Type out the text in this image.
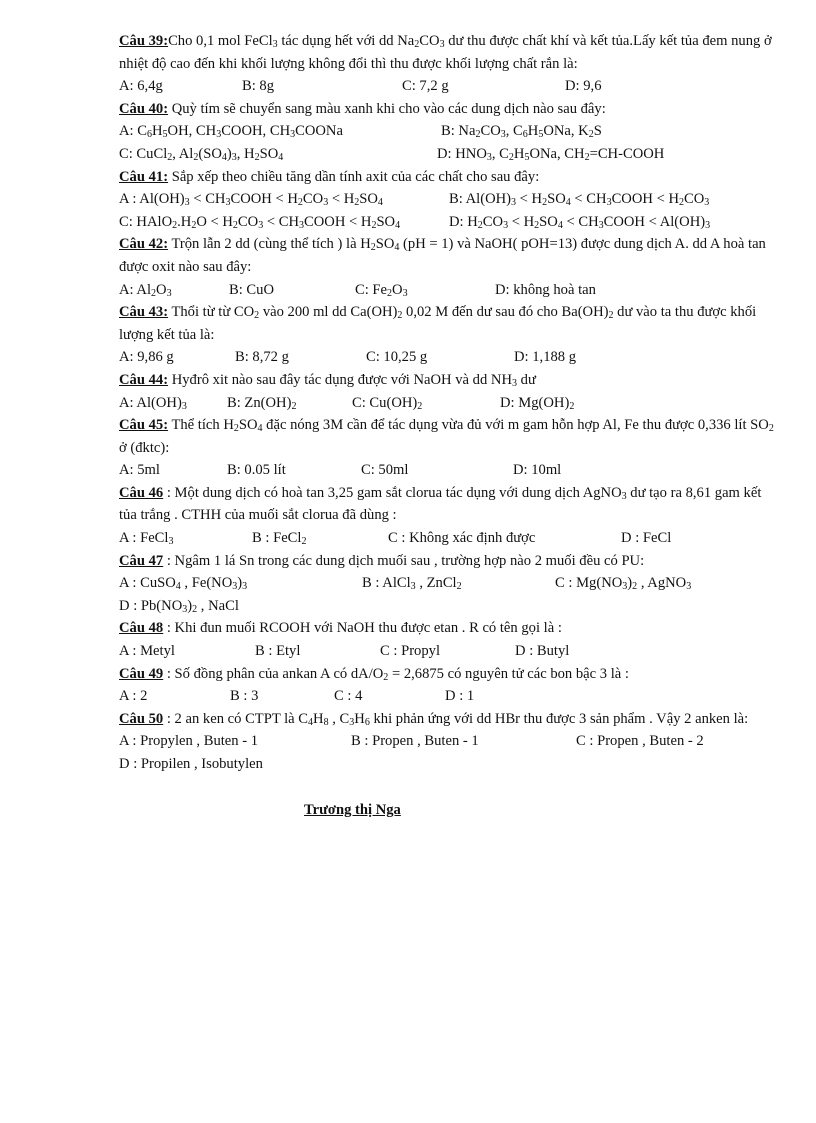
Câu 39:Cho 0,1 mol FeCl$_3$ tác dụng hết với dd $Na_2CO_3$ dư thu được chất khí và kết tủa.Lấy kết tủa đem nung ở nhiệt độ cao đến khi khối lượng không đổi thì thu được khối lượng chất rắn là:
A: 6,4g	B: 8g	C: 7,2 g	D: 9,6
Câu 40: Quỳ tím sẽ chuyển sang màu xanh khi cho vào các dung dịch nào sau đây:
A: $C_6H_5OH$, $CH_3COOH$, $CH_3COONa$	B: $Na_2CO_3$, $C_6H_5ONa$, $K_2S$
C: CuCl$_2$, $Al_2(SO_4)_3$, $H_2SO_4$	D: $HNO_3$, $C_2H_5ONa$, $CH_2=CH$-COOH
Câu 41: Sắp xếp theo chiều tăng dần tính axit của các chất cho sau đây:
A : $Al(OH)_3$ < $CH_3COOH < H_2CO_3 < H_2SO_4$	B: $Al(OH)_3 < H_2SO_4$ < $CH_3COOH < H_2CO_3$
C: $HAlO_2.H_2O < H_2CO_3$ < $CH_3COOH < H_2SO_4$	D: $H_2CO_3 < H_2SO_4$ < $CH_3COOH < Al(OH)_3$
Câu 42: Trộn lẫn 2 dd (cùng thể tích ) là $H_2SO_4$ (pH = 1) và NaOH( pOH=13) được dung dịch A. dd A hoà tan được oxit nào sau đây:
A: $Al_2O_3$	B: CuO	C: $Fe_2O_3$	D: không hoà tan
Câu 43: Thổi từ từ $CO_2$ vào 200 ml dd $Ca(OH)_2$ 0,02 M đến dư sau đó cho $Ba(OH)_2$ dư vào ta thu được khối lượng kết tủa là:
A: 9,86 g	B: 8,72 g	C: 10,25 g	D: 1,188 g
Câu 44: Hyđrô xit nào sau đây tác dụng được với NaOH và dd $NH_3$ dư
A: $Al(OH)_3$	B: $Zn(OH)_2$	C: $Cu(OH)_2$	D: $Mg(OH)_2$
Câu 45: Thể tích $H_2SO_4$ đặc nóng 3M cần để tác dụng vừa đủ với m gam hỗn hợp Al, Fe thu được 0,336 lít $SO_2$ ở (đktc):
A: 5ml	B: 0.05 lít	C: 50ml	D: 10ml
Câu 46 : Một dung dịch có hoà tan 3,25 gam sắt clorua tác dụng với dung dịch AgNO$_3$ dư tạo ra 8,61 gam kết tủa trắng . CTHH của muối sắt clorua đã dùng :
A : FeCl$_3$	B : FeCl$_2$	C : Không xác định được	D : FeCl
Câu 47 : Ngâm 1 lá Sn trong các dung dịch muối sau , trường hợp nào 2 muối đều có PU:
A : CuSO$_4$ , $Fe(NO_3)_3$	B : AlCl$_3$ , ZnCl$_2$	C : $Mg(NO_3)_2$ , AgNO$_3$
D : $Pb(NO_3)_2$ , NaCl
Câu 48 : Khi đun muối RCOOH với NaOH thu được etan . R có tên gọi là :
A : Metyl	B : Etyl	C : Propyl	D : Butyl
Câu 49 : Số đồng phân của ankan A có $dA/O_2 = 2,6875$ có nguyên tử các bon bậc 3 là :
A : 2	B : 3	C : 4	D : 1
Câu 50 : 2 an ken có CTPT là $C_4H_8$ , $C_3H_6$ khi phản ứng với dd HBr thu được 3 sản phẩm . Vậy 2 anken là:
A : Propylen , Buten - 1	B : Propen , Buten - 1	C : Propen , Buten - 2
D : Propilen , Isobutylen
Trương thị Nga
